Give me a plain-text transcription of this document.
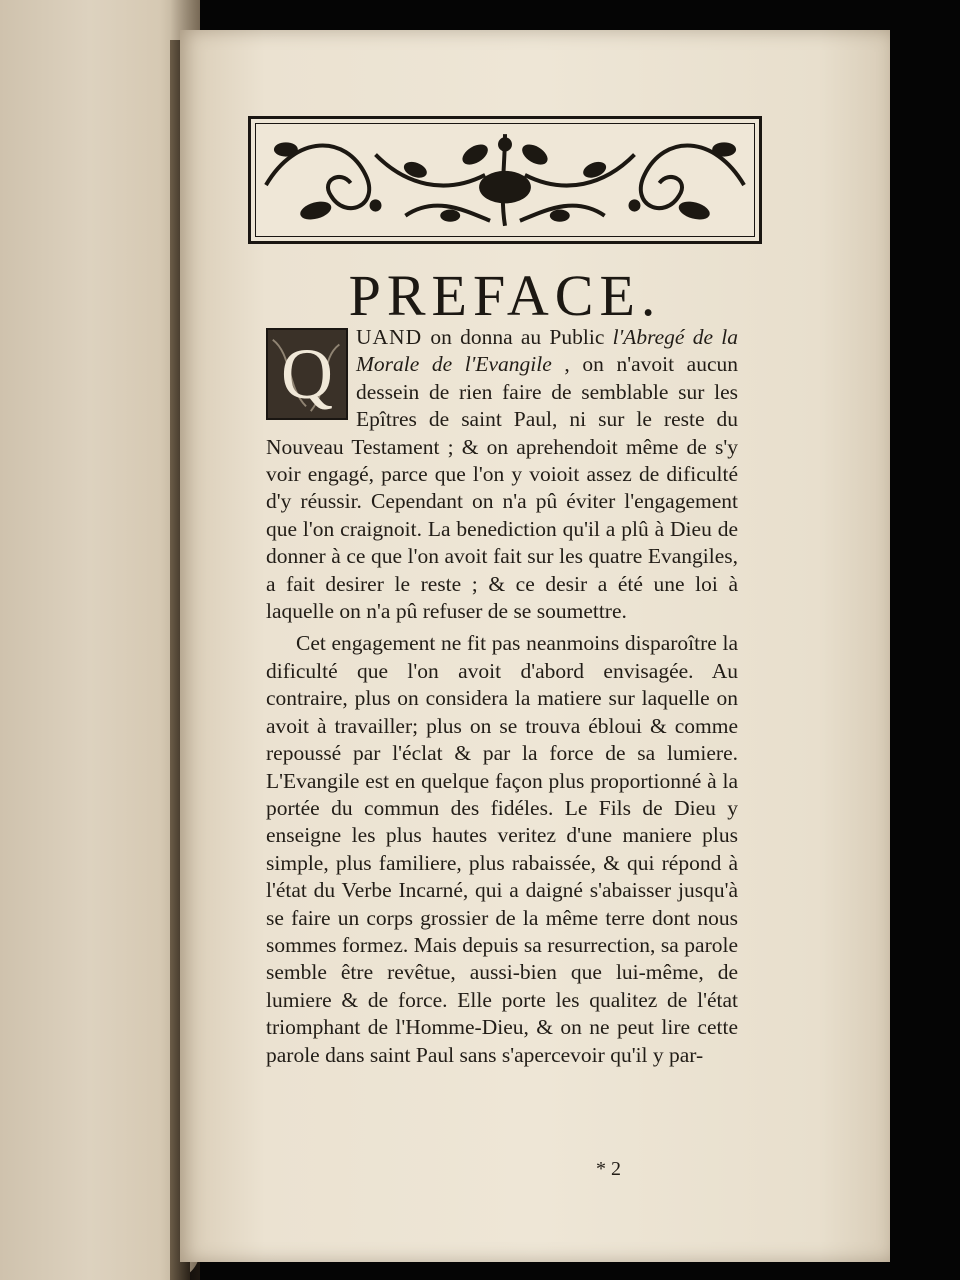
PREFACE.

Q	UAND on donna au Public l'Abregé de la Morale de l'Evangile , on n'avoit aucun dessein de rien faire de semblable sur les Epîtres de saint Paul, ni sur le reste du Nouveau Testament ; & on aprehendoit même de s'y voir engagé, parce que l'on y voioit assez de dificulté d'y réussir. Cependant on n'a pû éviter l'engagement que l'on craignoit. La benediction qu'il a plû à Dieu de donner à ce que l'on avoit fait sur les quatre Evangiles, a fait desirer le reste ; & ce desir a été une loi à laquelle on n'a pû refuser de se soumettre.

Cet engagement ne fit pas neanmoins disparoître la dificulté que l'on avoit d'abord envisagée. Au contraire, plus on considera la matiere sur laquelle on avoit à travailler; plus on se trouva ébloui & comme repoussé par l'éclat & par la force de sa lumiere. L'Evangile est en quelque façon plus proportionné à la portée du commun des fidéles. Le Fils de Dieu y enseigne les plus hautes veritez d'une maniere plus simple, plus familiere, plus rabaissée, & qui répond à l'état du Verbe Incarné, qui a daigné s'abaisser jusqu'à se faire un corps grossier de la même terre dont nous sommes formez. Mais depuis sa resurrection, sa parole semble être revêtue, aussi-bien que lui-même, de lumiere & de force. Elle porte les qualitez de l'état triomphant de l'Homme-Dieu, & on ne peut lire cette parole dans saint Paul sans s'apercevoir qu'il y par-

* 2
